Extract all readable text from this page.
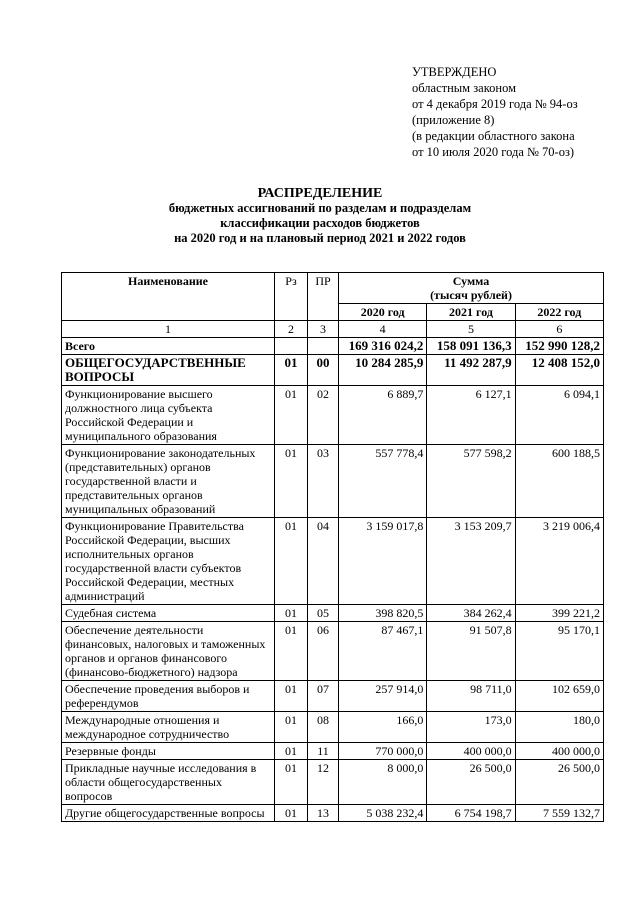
УТВЕРЖДЕНО
областным законом
от 4 декабря 2019 года № 94-оз
(приложение 8)
(в редакции областного закона
от 10 июля 2020 года № 70-оз)
РАСПРЕДЕЛЕНИЕ
бюджетных ассигнований по разделам и подразделам
классификации расходов бюджетов
на 2020 год и на плановый период 2021 и 2022 годов
Наименование	Рз	ПР	Сумма
(тысяч рублей)		

			2020 год	2021 год	2022 год
1	2	3	4	5	6
Всего			169 316 024,2	158 091 136,3	152 990 128,2
ОБЩЕГОСУДАРСТВЕННЫЕ ВОПРОСЫ	01	00	10 284 285,9	11 492 287,9	12 408 152,0
Функционирование высшего должностного лица субъекта Российской Федерации и муниципального образования	01	02	6 889,7	6 127,1	6 094,1
Функционирование законодательных (представительных) органов государственной власти и представительных органов муниципальных образований	01	03	557 778,4	577 598,2	600 188,5
Функционирование Правительства Российской Федерации, высших исполнительных органов государственной власти субъектов Российской Федерации, местных администраций	01	04	3 159 017,8	3 153 209,7	3 219 006,4
Судебная система	01	05	398 820,5	384 262,4	399 221,2
Обеспечение деятельности финансовых, налоговых и таможенных органов и органов финансового (финансово-бюджетного) надзора	01	06	87 467,1	91 507,8	95 170,1
Обеспечение проведения выборов и референдумов	01	07	257 914,0	98 711,0	102 659,0
Международные отношения и международное сотрудничество	01	08	166,0	173,0	180,0
Резервные фонды	01	11	770 000,0	400 000,0	400 000,0
Прикладные научные исследования в области общегосударственных вопросов	01	12	8 000,0	26 500,0	26 500,0
Другие общегосударственные вопросы	01	13	5 038 232,4	6 754 198,7	7 559 132,7
